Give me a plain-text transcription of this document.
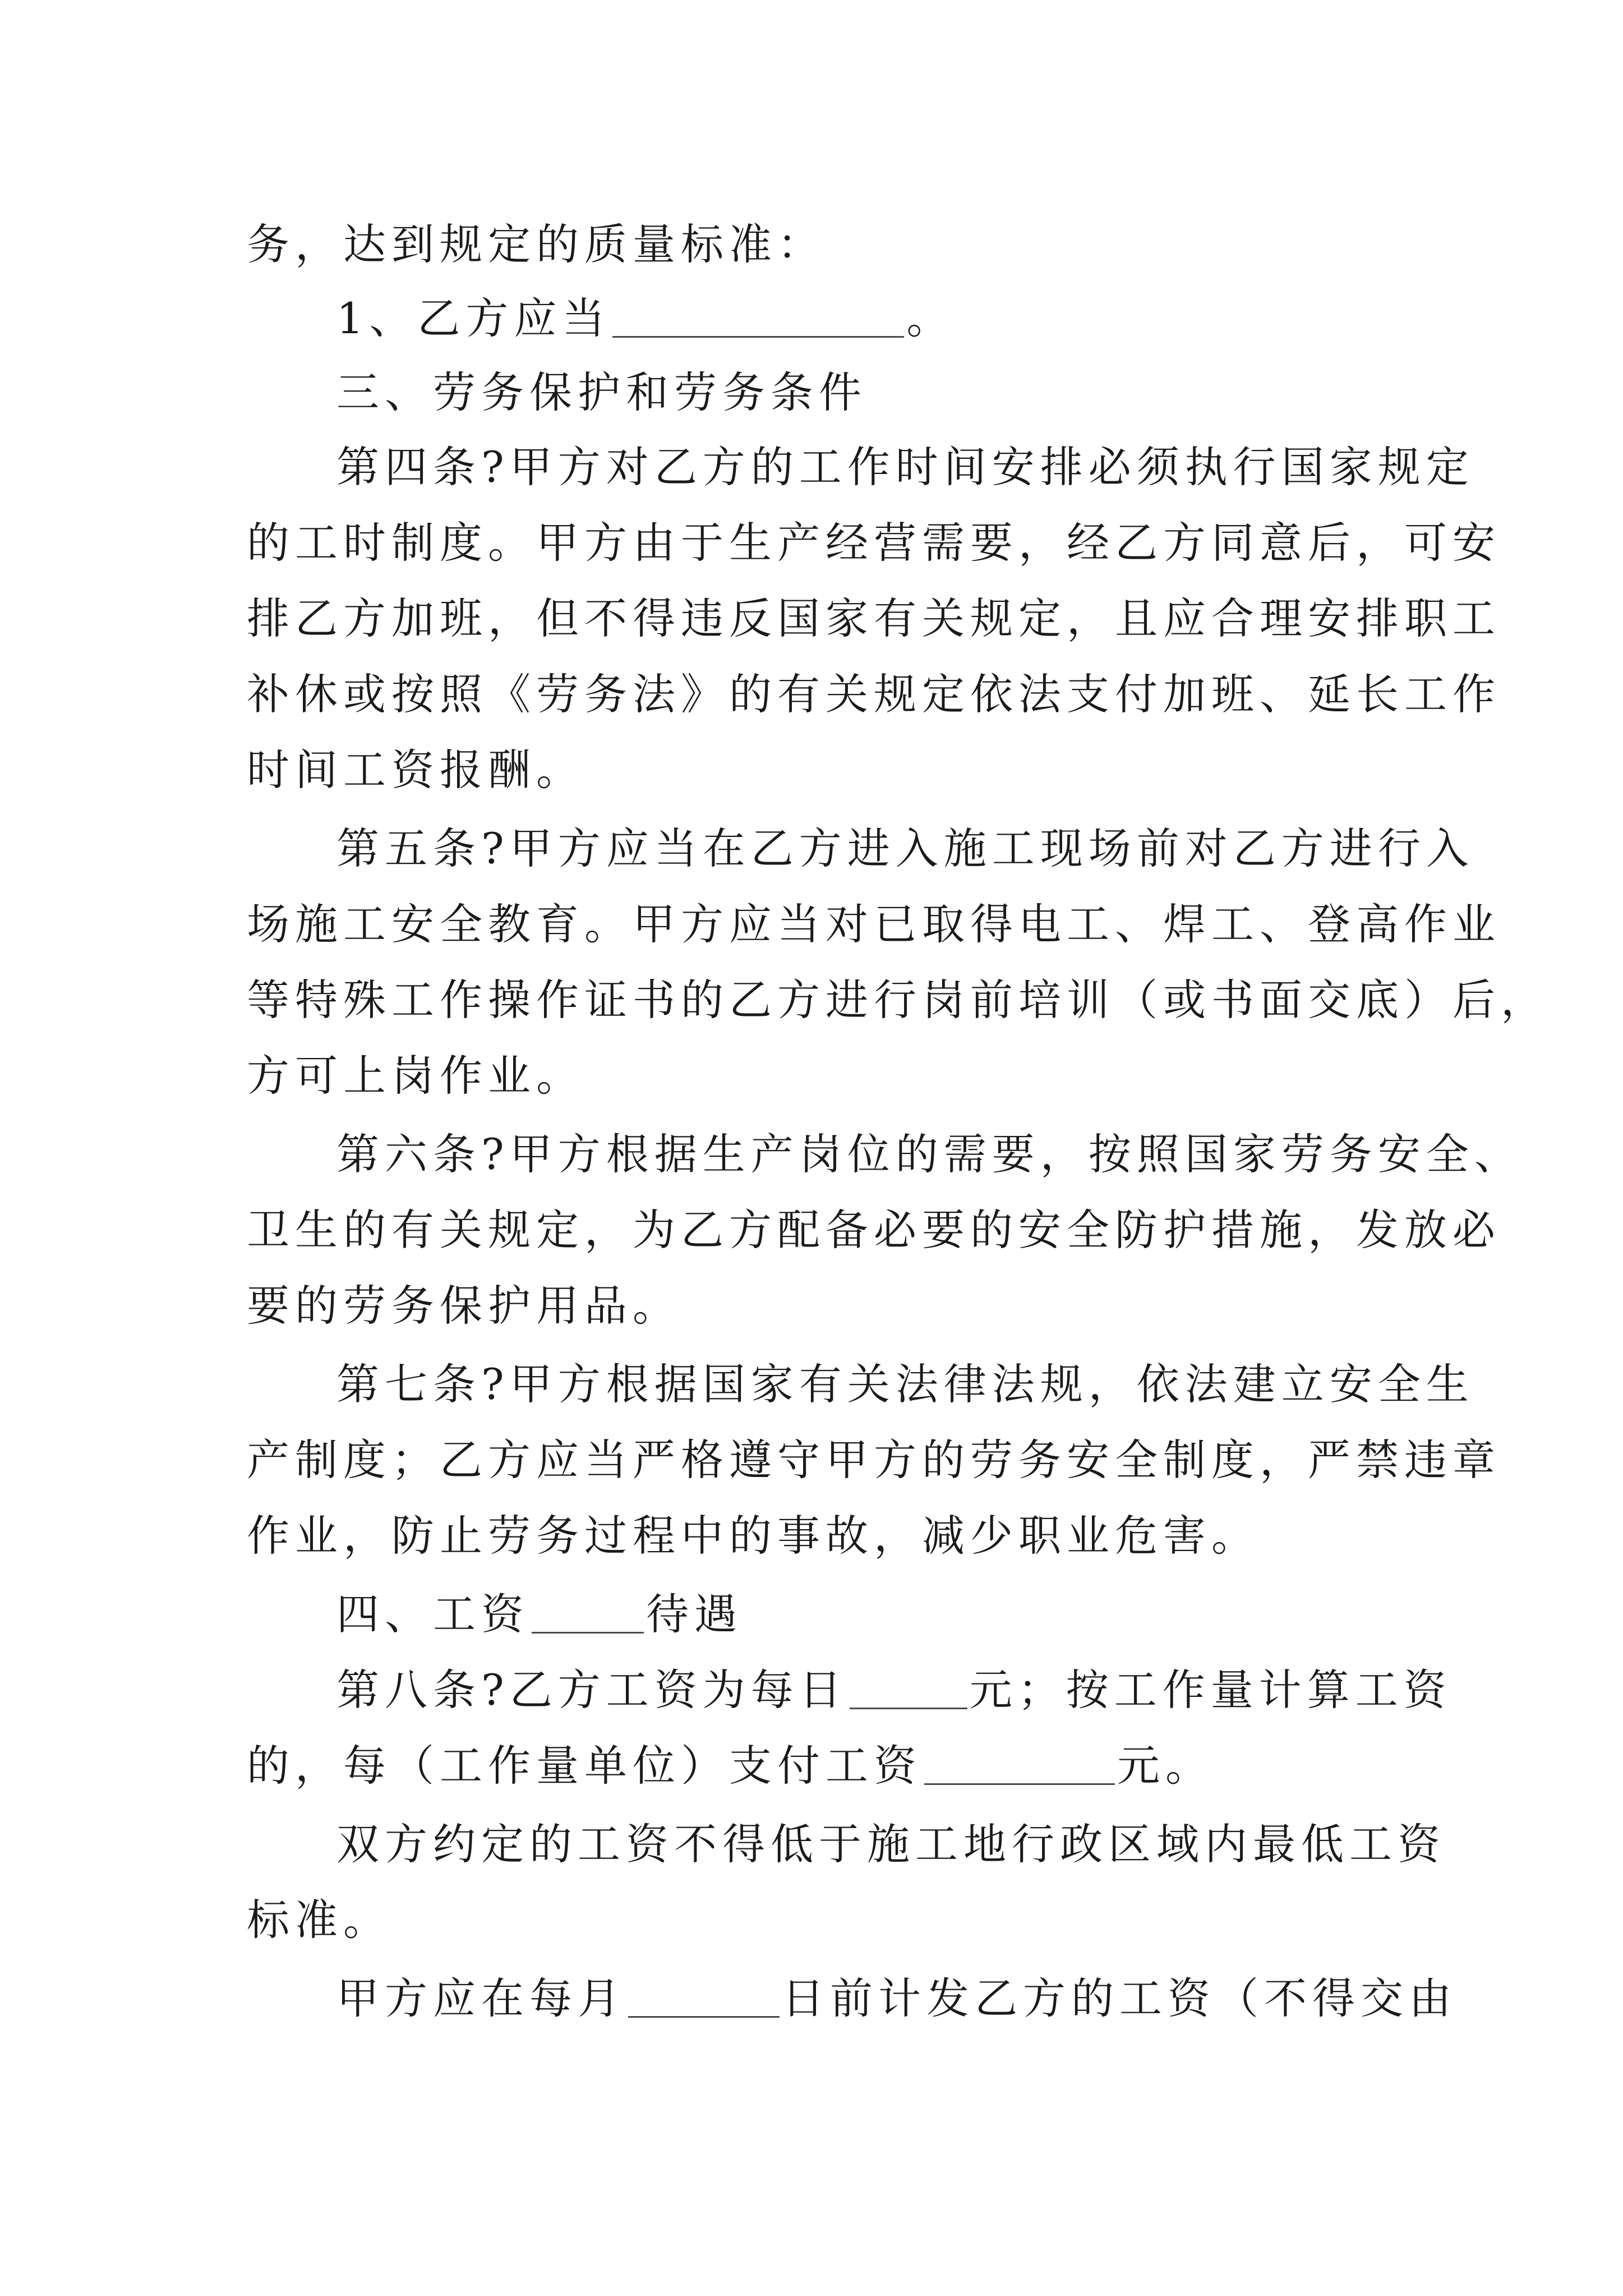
务，达到规定的质量标准：
1、乙方应当	。
三、劳务保护和劳务条件
第四条?甲方对乙方的工作时间安排必须执行国家规定
的工时制度。甲方由于生产经营需要，经乙方同意后，可安
排乙方加班，但不得违反国家有关规定，且应合理安排职工
补休或按照《劳务法》的有关规定依法支付加班、延长工作
时间工资报酬。
第五条?甲方应当在乙方进入施工现场前对乙方进行入
场施工安全教育。甲方应当对已取得电工、焊工、登高作业
等特殊工作操作证书的乙方进行岗前培训（或书面交底）后，
方可上岗作业。
第六条?甲方根据生产岗位的需要，按照国家劳务安全、
卫生的有关规定，为乙方配备必要的安全防护措施，发放必
要的劳务保护用品。
第七条?甲方根据国家有关法律法规，依法建立安全生
产制度；乙方应当严格遵守甲方的劳务安全制度，严禁违章
作业，防止劳务过程中的事故，减少职业危害。
四、工资	待遇
第八条?乙方工资为每日	元；按工作量计算工资
的，每（工作量单位）支付工资	元。
双方约定的工资不得低于施工地行政区域内最低工资
标准。
甲方应在每月	日前计发乙方的工资（不得交由
